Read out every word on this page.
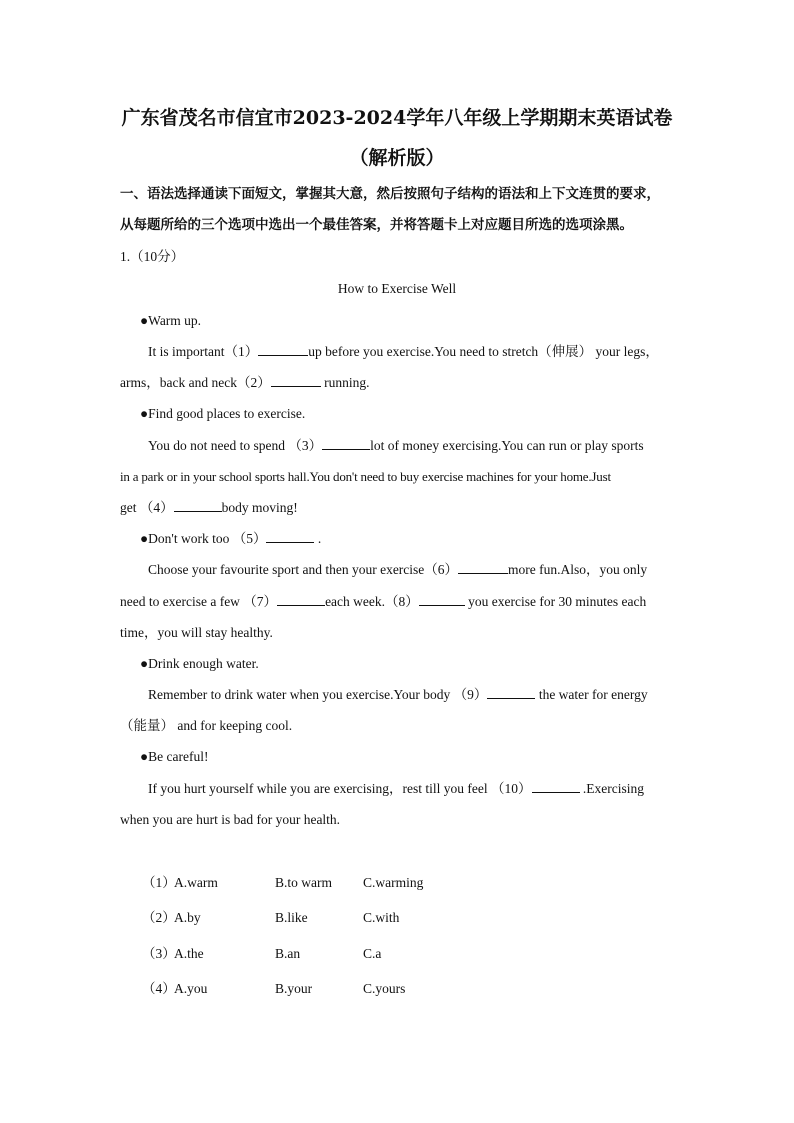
广东省茂名市信宜市2023-2024学年八年级上学期期末英语试卷
（解析版）
一、语法选择通读下面短文，掌握其大意，然后按照句子结构的语法和上下文连贯的要求，
从每题所给的三个选项中选出一个最佳答案，并将答题卡上对应题目所选的选项涂黑。
1.（10分）
How to Exercise Well
●Warm up.
It is important（1）	up before you exercise.You need to stretch（伸展） your legs，
arms，back and neck（2）	running.
●Find good places to exercise.
You do not need to spend （3）	lot of money exercising.You can run or play sports
in a park or in your school sports hall.You don't need to buy exercise machines for your home.Just
get （4）	body moving!
●Don't work too （5）	.
Choose your favourite sport and then your exercise（6）	more fun.Also，you only
need to exercise a few （7）	each week.（8）	you exercise for 30 minutes each
time，you will stay healthy.
●Drink enough water.
Remember to drink water when you exercise.Your body （9）	the water for energy
（能量） and for keeping cool.
●Be careful!
If you hurt yourself while you are exercising，rest till you feel （10）	.Exercising
when you are hurt is bad for your health.
（1）
A.warm	B.to warm C.warming
（2）
A.by	B.like	C.with
（3）
A.the	B.an	C.a
（4）
A.you	B.your	C.yours
